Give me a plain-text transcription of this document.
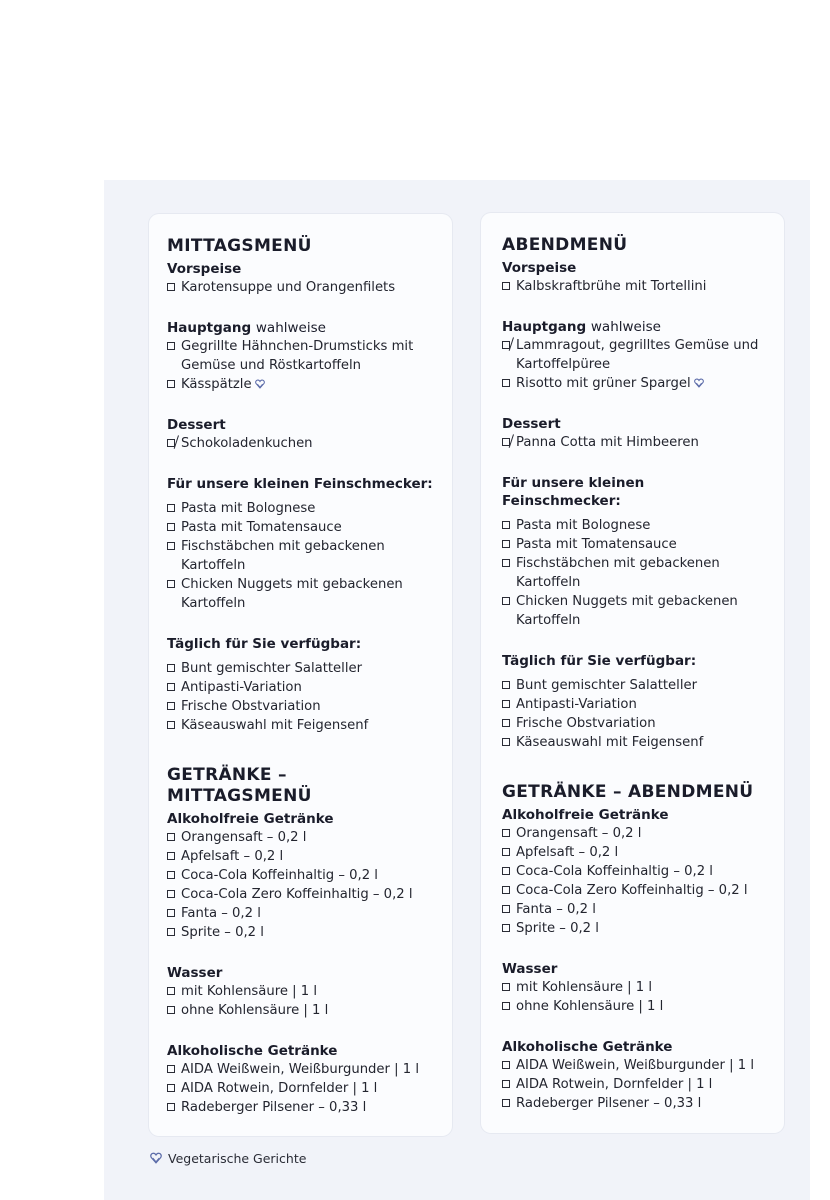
MITTAGSMENÜ
Vorspeise
Karotensuppe und Orangenfilets
Hauptgang wahlweise
Gegrillte Hähnchen-Drumsticks mit Gemüse und Röstkartoffeln
Kässpätzle
Dessert
Schokoladenkuchen
Für unsere kleinen Feinschmecker:
Pasta mit Bolognese
Pasta mit Tomatensauce
Fischstäbchen mit gebackenen Kartoffeln
Chicken Nuggets mit gebackenen Kartoffeln
Täglich für Sie verfügbar:
Bunt gemischter Salatteller
Antipasti-Variation
Frische Obstvariation
Käseauswahl mit Feigensenf
GETRÄNKE – MITTAGSMENÜ
Alkoholfreie Getränke
Orangensaft – 0,2 l
Apfelsaft – 0,2 l
Coca-Cola Koffeinhaltig – 0,2 l
Coca-Cola Zero Koffeinhaltig – 0,2 l
Fanta – 0,2 l
Sprite – 0,2 l
Wasser
mit Kohlensäure | 1 l
ohne Kohlensäure | 1 l
Alkoholische Getränke
AIDA Weißwein, Weißburgunder | 1 l
AIDA Rotwein, Dornfelder | 1 l
Radeberger Pilsener – 0,33 l
ABENDMENÜ
Vorspeise
Kalbskraftbrühe mit Tortellini
Hauptgang wahlweise
Lammragout, gegrilltes Gemüse und Kartoffelpüree
Risotto mit grüner Spargel
Dessert
Panna Cotta mit Himbeeren
Für unsere kleinen Feinschmecker:
Pasta mit Bolognese
Pasta mit Tomatensauce
Fischstäbchen mit gebackenen Kartoffeln
Chicken Nuggets mit gebackenen Kartoffeln
Täglich für Sie verfügbar:
Bunt gemischter Salatteller
Antipasti-Variation
Frische Obstvariation
Käseauswahl mit Feigensenf
GETRÄNKE – ABENDMENÜ
Alkoholfreie Getränke
Orangensaft – 0,2 l
Apfelsaft – 0,2 l
Coca-Cola Koffeinhaltig – 0,2 l
Coca-Cola Zero Koffeinhaltig – 0,2 l
Fanta – 0,2 l
Sprite – 0,2 l
Wasser
mit Kohlensäure | 1 l
ohne Kohlensäure | 1 l
Alkoholische Getränke
AIDA Weißwein, Weißburgunder | 1 l
AIDA Rotwein, Dornfelder | 1 l
Radeberger Pilsener – 0,33 l
Vegetarische Gerichte
